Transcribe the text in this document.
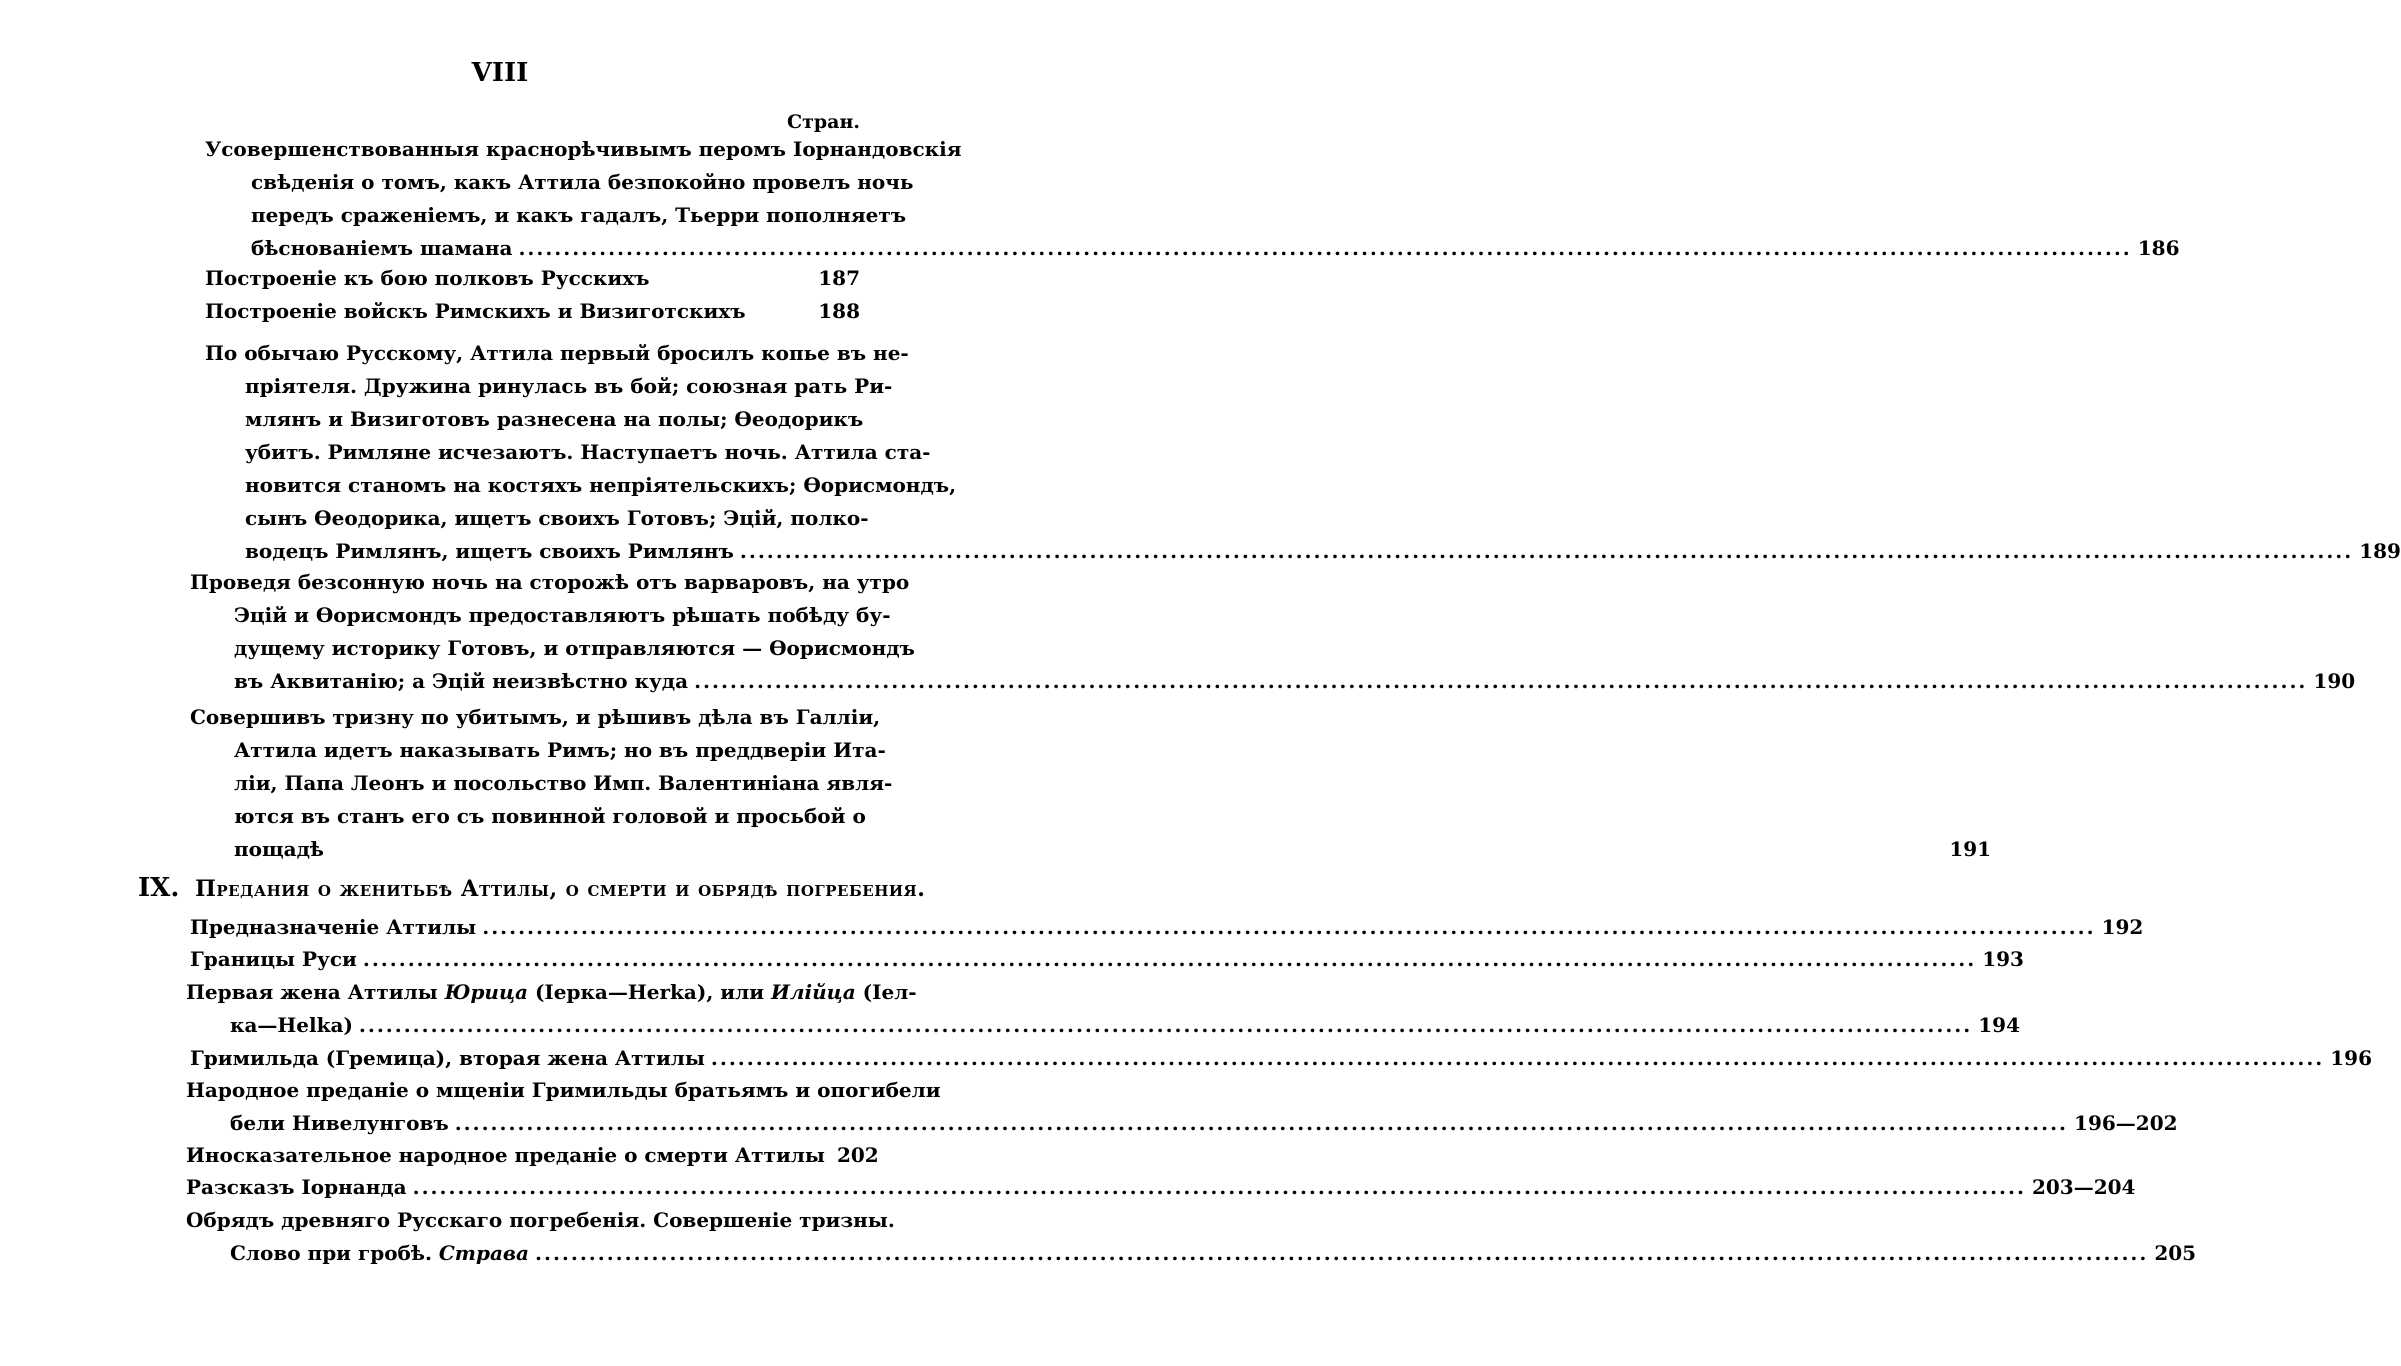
VIII
Стран.

Усовершенствованныя краснорѣчивымъ перомъ Іорнандовскія

свѣденія о томъ, какъ Аттила безпокойно провелъ ночь

передъ сраженіемъ, и какъ гадалъ, Тьерри пополняетъ

бѣснованіемъ шамана .....	186
Построеніе къ бою полковъ Русскихъ	187
Построеніе войскъ Римскихъ и Визиготскихъ	188

По обычаю Русскому, Аттила первый бросилъ копье въ не-

пріятеля. Дружина ринулась въ бой; союзная рать Ри-

млянъ и Визиготовъ разнесена на полы; Ѳеодорикъ

убитъ. Римляне исчезаютъ. Наступаетъ ночь. Аттила ста-

новится станомъ на костяхъ непріятельскихъ; Ѳорисмондъ,

сынъ Ѳеодорика, ищетъ своихъ Готовъ; Эцій, полко-

водецъ Римлянъ, ищетъ своихъ Римлянъ .....	189

Проведя безсонную ночь на сторожѣ отъ варваровъ, на утро

Эцій и Ѳорисмондъ предоставляютъ рѣшать побѣду бу-

дущему историку Готовъ, и отправляются — Ѳорисмондъ

въ Аквитанію; а Эцій неизвѣстно куда .....	190

Совершивъ тризну по убитымъ, и рѣшивъ дѣла въ Галліи,

Аттила идетъ наказывать Римъ; но въ преддверіи Ита-

ліи, Папа Леонъ и посольство Имп. Валентиніана явля-

ются въ станъ его съ повинной головой и просьбой о

пощадѣ	191
IX. Предания о женитьбѣ Аттилы, о смерти и обрядѣ погребения.
Предназначеніе Аттилы .....	192
Границы Руси .....	193

Первая жена Аттилы Юрица (Іерка—Herka), или Илійца (Іел-

ка—Helka) .....	194
Гримильда (Гремица), вторая жена Аттилы .....	196

Народное преданіе о мщеніи Гримильды братьямъ и опогибели

бели Нивелунговъ .....	196—202
Иносказательное народное преданіе о смерти Аттилы 202
Разсказъ Іорнанда .....	203—204

Обрядъ древняго Русскаго погребенія. Совершеніе тризны.

Слово при гробѣ. Страва .....	205
